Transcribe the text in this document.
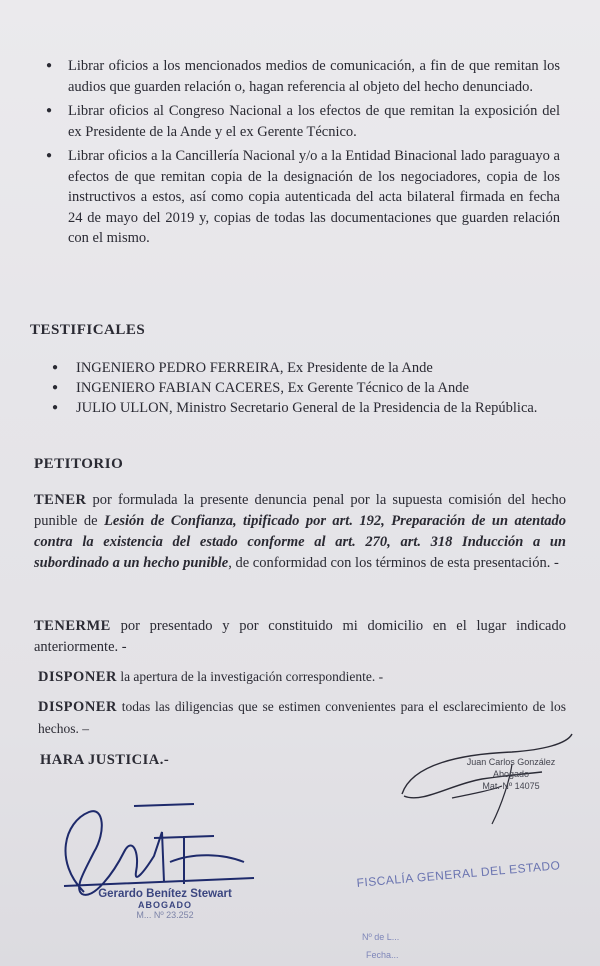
● Librar oficios a los mencionados medios de comunicación, a fin de que remitan los audios que guarden relación o, hagan referencia al objeto del hecho denunciado.
● Librar oficios al Congreso Nacional a los efectos de que remitan la exposición del ex Presidente de la Ande y el ex Gerente Técnico.
● Librar oficios a la Cancillería Nacional y/o a la Entidad Binacional lado paraguayo a efectos de que remitan copia de la designación de los negociadores, copia de los instructivos a estos, así como copia autenticada del acta bilateral firmada en fecha 24 de mayo del 2019 y, copias de todas las documentaciones que guarden relación con el mismo.
TESTIFICALES
● INGENIERO PEDRO FERREIRA, Ex Presidente de la Ande
● INGENIERO FABIAN CACERES, Ex Gerente Técnico de la Ande
● JULIO ULLON, Ministro Secretario General de la Presidencia de la República.
PETITORIO

TENER por formulada la presente denuncia penal por la supuesta comisión del hecho punible de Lesión de Confianza, tipificado por art. 192, Preparación de un atentado contra la existencia del estado conforme al art. 270, art. 318 Inducción a un subordinado a un hecho punible, de conformidad con los términos de esta presentación. -

TENERME por presentado y por constituido mi domicilio en el lugar indicado anteriormente. -

DISPONER la apertura de la investigación correspondiente. -

DISPONER todas las diligencias que se estimen convenientes para el esclarecimiento de los hechos. –

HARA JUSTICIA.-	Juan Carlos González
Abogado
Mat. Nº 14075
Gerardo Benítez Stewart
ABOGADO
M... Nº 23.252
FISCALÍA GENERAL DEL ESTADO
Nº de L...
Fecha...
